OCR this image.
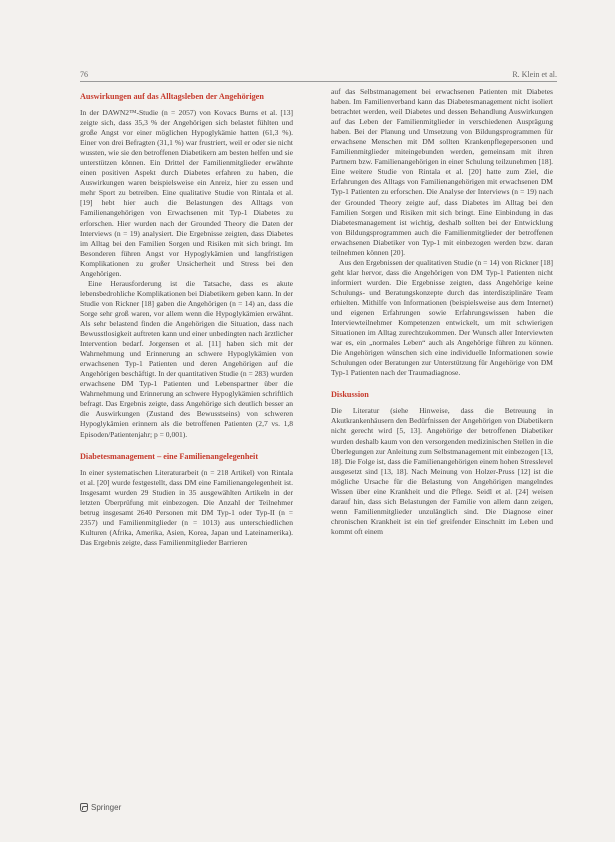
76	R. Klein et al.
Auswirkungen auf das Alltagsleben der Angehörigen

In der DAWN2™-Studie (n = 2057) von Kovacs Burns et al. [13] zeigte sich, dass 35,3 % der Angehörigen sich belastet fühlten und große Angst vor einer möglichen Hypoglykämie hatten (61,3 %). Einer von drei Befragten (31,1 %) war frustriert, weil er oder sie nicht wussten, wie sie den betroffenen Diabetikern am besten helfen und sie unterstützen können. Ein Drittel der Familienmitglieder erwähnte einen positiven Aspekt durch Diabetes erfahren zu haben, die Auswirkungen waren beispielsweise ein Anreiz, hier zu essen und mehr Sport zu betreiben. Eine qualitative Studie von Rintala et al. [19] hebt hier auch die Belastungen des Alltags von Familienangehörigen von Erwachsenen mit Typ-1 Diabetes zu erforschen. Hier wurden nach der Grounded Theory die Daten der Interviews (n = 19) analysiert. Die Ergebnisse zeigten, dass Diabetes im Alltag bei den Familien Sorgen und Risiken mit sich bringt. Im Besonderen führen Angst vor Hypoglykämien und langfristigen Komplikationen zu großer Unsicherheit und Stress bei den Angehörigen.

Eine Herausforderung ist die Tatsache, dass es akute lebensbedrohliche Komplikationen bei Diabetikern geben kann. In der Studie von Rickner [18] gaben die Angehörigen (n = 14) an, dass die Sorge sehr groß waren, vor allem wenn die Hypoglykämien erwähnt. Als sehr belastend finden die Angehörigen die Situation, dass nach Bewusstlosigkeit auftreten kann und einer unbedingten nach ärztlicher Intervention bedarf. Jorgensen et al. [11] haben sich mit der Wahrnehmung und Erinnerung an schwere Hypoglykämien von erwachsenen Typ-1 Patienten und deren Angehörigen auf die Angehörigen beschäftigt. In der quantitativen Studie (n = 283) wurden erwachsene DM Typ-1 Patienten und Lebenspartner über die Wahrnehmung und Erinnerung an schwere Hypoglykämien schriftlich befragt. Das Ergebnis zeigte, dass Angehörige sich deutlich besser an die Auswirkungen (Zustand des Bewusstseins) von schweren Hypoglykämien erinnern als die betroffenen Patienten (2,7 vs. 1,8 Episoden/Patientenjahr; p = 0,001).

Diabetesmanagement – eine Familienangelegenheit

In einer systematischen Literaturarbeit (n = 218 Artikel) von Rintala et al. [20] wurde festgestellt, dass DM eine Familienangelegenheit ist. Insgesamt wurden 29 Studien in 35 ausgewählten Artikeln in der letzten Überprüfung mit einbezogen. Die Anzahl der Teilnehmer betrug insgesamt 2640 Personen mit DM Typ-1 oder Typ-II (n = 2357) und Familienmitglieder (n = 1013) aus unterschiedlichen Kulturen (Afrika, Amerika, Asien, Korea, Japan und Lateinamerika). Das Ergebnis zeigte, dass Familienmitglieder Barrieren

auf das Selbstmanagement bei erwachsenen Patienten mit Diabetes haben. Im Familienverband kann das Diabetesmanagement nicht isoliert betrachtet werden, weil Diabetes und dessen Behandlung Auswirkungen auf das Leben der Familienmitglieder in verschiedenen Ausprägung haben. Bei der Planung und Umsetzung von Bildungsprogrammen für erwachsene Menschen mit DM sollten Krankenpflegepersonen und Familienmitglieder miteingebunden werden, gemeinsam mit ihren Partnern bzw. Familienangehörigen in einer Schulung teilzunehmen [18]. Eine weitere Studie von Rintala et al. [20] hatte zum Ziel, die Erfahrungen des Alltags von Familienangehörigen mit erwachsenen DM Typ-1 Patienten zu erforschen. Die Analyse der Interviews (n = 19) nach der Grounded Theory zeigte auf, dass Diabetes im Alltag bei den Familien Sorgen und Risiken mit sich bringt. Eine Einbindung in das Diabetesmanagement ist wichtig, deshalb sollten bei der Entwicklung von Bildungsprogrammen auch die Familienmitglieder der betroffenen erwachsenen Diabetiker von Typ-1 mit einbezogen werden bzw. daran teilnehmen können [20].

Aus den Ergebnissen der qualitativen Studie (n = 14) von Rickner [18] geht klar hervor, dass die Angehörigen von DM Typ-1 Patienten nicht informiert wurden. Die Ergebnisse zeigten, dass Angehörige keine Schulungs- und Beratungskonzepte durch das interdisziplinäre Team erhielten. Mithilfe von Informationen (beispielsweise aus dem Internet) und eigenen Erfahrungen sowie Erfahrungswissen haben die Interviewteilnehmer Kompetenzen entwickelt, um mit schwierigen Situationen im Alltag zurechtzukommen. Der Wunsch aller Interviewten war es, ein „normales Leben“ auch als Angehörige führen zu können. Die Angehörigen wünschen sich eine individuelle Informationen sowie Schulungen oder Beratungen zur Unterstützung für Angehörige von DM Typ-1 Patienten nach der Traumadiagnose.

Diskussion

Die Literatur (siehe Hinweise, dass die Betreuung in Akutkrankenhäusern den Bedürfnissen der Angehörigen von Diabetikern nicht gerecht wird [5, 13]. Angehörige der betroffenen Diabetiker wurden deshalb kaum von den versorgenden medizinischen Stellen in die Überlegungen zur Anleitung zum Selbstmanagement mit einbezogen [13, 18]. Die Folge ist, dass die Familienangehörigen einem hohen Stresslevel ausgesetzt sind [13, 18]. Nach Meinung von Holzer-Pruss [12] ist die mögliche Ursache für die Belastung von Angehörigen mangelndes Wissen über eine Krankheit und die Pflege. Seidl et al. [24] weisen darauf hin, dass sich Belastungen der Familie von allem dann zeigen, wenn Familienmitglieder unzulänglich sind. Die Diagnose einer chronischen Krankheit ist ein tief greifender Einschnitt im Leben und kommt oft einem

Springer
